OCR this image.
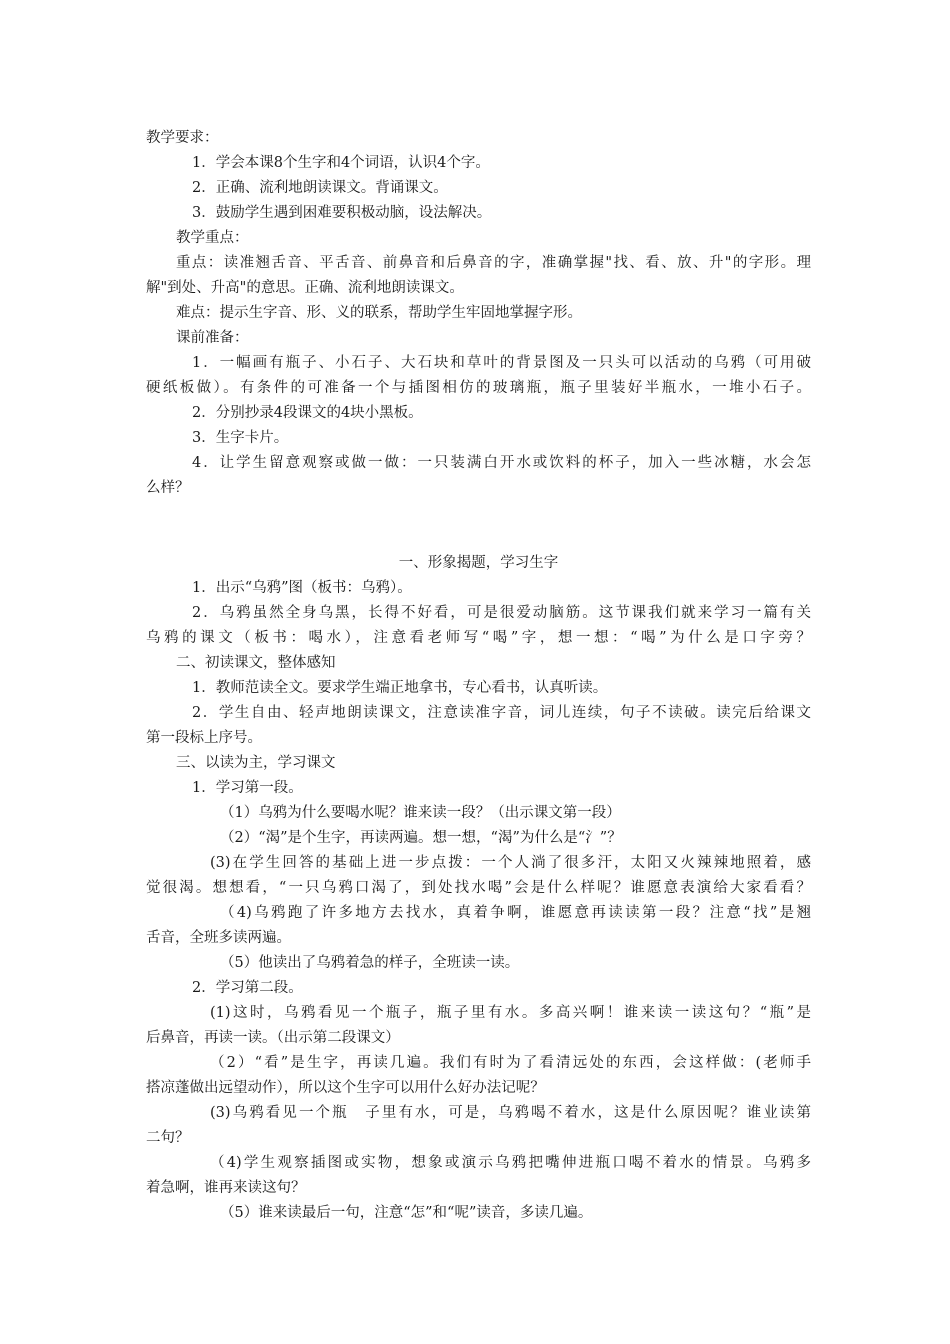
教学要求：
1．学会本课8个生字和4个词语，认识4个字。
2．正确、流利地朗读课文。背诵课文。
3．鼓励学生遇到困难要积极动脑，设法解决。
教学重点：
重点：读准翘舌音、平舌音、前鼻音和后鼻音的字，准确掌握"找、看、放、升"的字形。理
解"到处、升高"的意思。正确、流利地朗读课文。
难点：提示生字音、形、义的联系，帮助学生牢固地掌握字形。
课前准备：
1．一幅画有瓶子、小石子、大石块和草叶的背景图及一只头可以活动的乌鸦（可用破
硬纸板做）。有条件的可准备一个与插图相仿的玻璃瓶，瓶子里装好半瓶水，一堆小石子。
2．分别抄录4段课文的4块小黑板。
3．生字卡片。
4．让学生留意观察或做一做：一只装满白开水或饮料的杯子，加入一些冰糖，水会怎
么样？
一、形象揭题，学习生字
1．出示“乌鸦”图（板书：乌鸦）。
2．乌鸦虽然全身乌黑，长得不好看，可是很爱动脑筋。这节课我们就来学习一篇有关
乌鸦的课文（板书：喝水），注意看老师写“喝”字，想一想：“喝”为什么是口字旁？
二、初读课文，整体感知
1．教师范读全文。要求学生端正地拿书，专心看书，认真听读。
2．学生自由、轻声地朗读课文，注意读准字音，词儿连续，句子不读破。读完后给课文
第一段标上序号。
三、以读为主，学习课文
1．学习第一段。
（1）乌鸦为什么要喝水呢？谁来读一段？（出示课文第一段）
（2）“渴”是个生字，再读两遍。想一想，“渴”为什么是“氵”？
(3)在学生回答的基础上进一步点拨：一个人淌了很多汗，太阳又火辣辣地照着，感
觉很渴。想想看，“一只乌鸦口渴了，到处找水喝”会是什么样呢？谁愿意表演给大家看看？
（4)乌鸦跑了许多地方去找水，真着争啊，谁愿意再读读第一段？注意“找”是翘
舌音，全班多读两遍。
（5）他读出了乌鸦着急的样子，全班读一读。
2．学习第二段。
(1)这时，乌鸦看见一个瓶子，瓶子里有水。多高兴啊！谁来读一读这句？“瓶”是
后鼻音，再读一读。（出示第二段课文）
（2）“看”是生字，再读几遍。我们有时为了看清远处的东西，会这样做：(老师手
搭凉蓬做出远望动作），所以这个生字可以用什么好办法记呢？
(3)乌鸦看见一个瓶　子里有水，可是，乌鸦喝不着水，这是什么原因呢？谁业读第
二句？
（4)学生观察插图或实物，想象或演示乌鸦把嘴伸进瓶口喝不着水的情景。乌鸦多
着急啊，谁再来读这句？
（5）谁来读最后一句，注意“怎”和“呢”读音，多读几遍。
